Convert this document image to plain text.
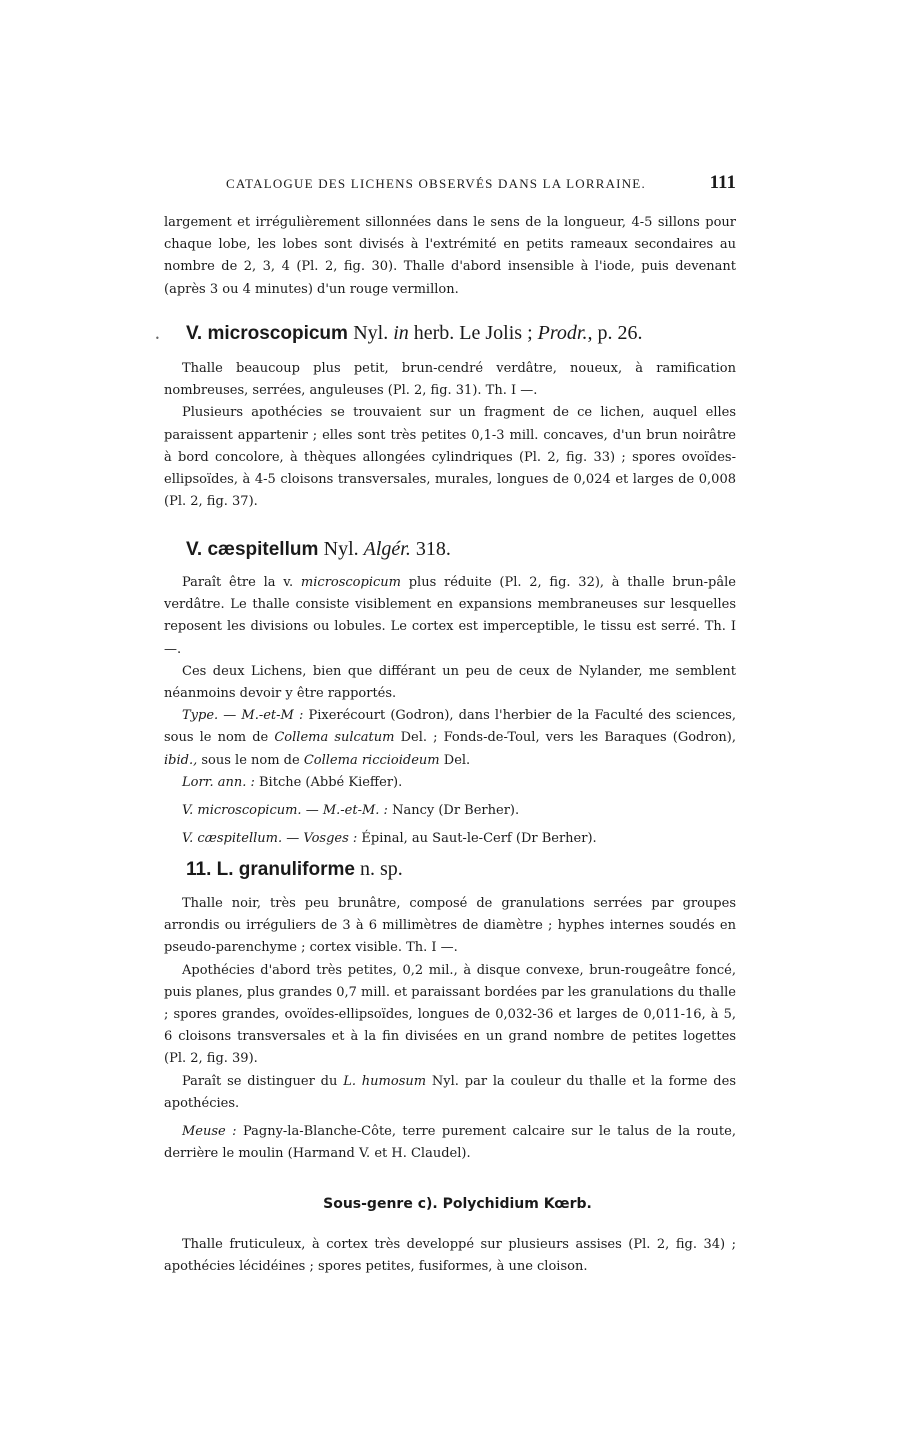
CATALOGUE DES LICHENS OBSERVÉS DANS LA LORRAINE.	111

largement et irrégulièrement sillonnées dans le sens de la longueur, 4-5 sillons pour chaque lobe, les lobes sont divisés à l'extrémité en petits rameaux secondaires au nombre de 2, 3, 4 (Pl. 2, fig. 30). Thalle d'abord insensible à l'iode, puis devenant (après 3 ou 4 minutes) d'un rouge vermillon.

• V. microscopicum Nyl. in herb. Le Jolis ; Prodr., p. 26.

Thalle beaucoup plus petit, brun-cendré verdâtre, noueux, à ramification nombreuses, serrées, anguleuses (Pl. 2, fig. 31). Th. I —.

Plusieurs apothécies se trouvaient sur un fragment de ce lichen, auquel elles paraissent appartenir ; elles sont très petites 0,1-3 mill. concaves, d'un brun noirâtre à bord concolore, à thèques allongées cylindriques (Pl. 2, fig. 33) ; spores ovoïdes-ellipsoïdes, à 4-5 cloisons transversales, murales, longues de 0,024 et larges de 0,008 (Pl. 2, fig. 37).

V. cæspitellum Nyl. Algér. 318.

Paraît être la v. microscopicum plus réduite (Pl. 2, fig. 32), à thalle brun-pâle verdâtre. Le thalle consiste visiblement en expansions membraneuses sur lesquelles reposent les divisions ou lobules. Le cortex est imperceptible, le tissu est serré. Th. I —.

Ces deux Lichens, bien que différant un peu de ceux de Nylander, me semblent néanmoins devoir y être rapportés.

Type. — M.-et-M : Pixerécourt (Godron), dans l'herbier de la Faculté des sciences, sous le nom de Collema sulcatum Del. ; Fonds-de-Toul, vers les Baraques (Godron), ibid., sous le nom de Collema riccioideum Del.

Lorr. ann. : Bitche (Abbé Kieffer).

V. microscopicum. — M.-et-M. : Nancy (Dr Berher).

V. cæspitellum. — Vosges : Épinal, au Saut-le-Cerf (Dr Berher).

11. L. granuliforme n. sp.

Thalle noir, très peu brunâtre, composé de granulations serrées par groupes arrondis ou irréguliers de 3 à 6 millimètres de diamètre ; hyphes internes soudés en pseudo-parenchyme ; cortex visible. Th. I —.

Apothécies d'abord très petites, 0,2 mil., à disque convexe, brun-rougeâtre foncé, puis planes, plus grandes 0,7 mill. et paraissant bordées par les granulations du thalle ; spores grandes, ovoïdes-ellipsoïdes, longues de 0,032-36 et larges de 0,011-16, à 5, 6 cloisons transversales et à la fin divisées en un grand nombre de petites logettes (Pl. 2, fig. 39).

Paraît se distinguer du L. humosum Nyl. par la couleur du thalle et la forme des apothécies.

Meuse : Pagny-la-Blanche-Côte, terre purement calcaire sur le talus de la route, derrière le moulin (Harmand V. et H. Claudel).

Sous-genre c). Polychidium Kœrb.

Thalle fruticuleux, à cortex très developpé sur plusieurs assises (Pl. 2, fig. 34) ; apothécies lécidéines ; spores petites, fusiformes, à une cloison.
